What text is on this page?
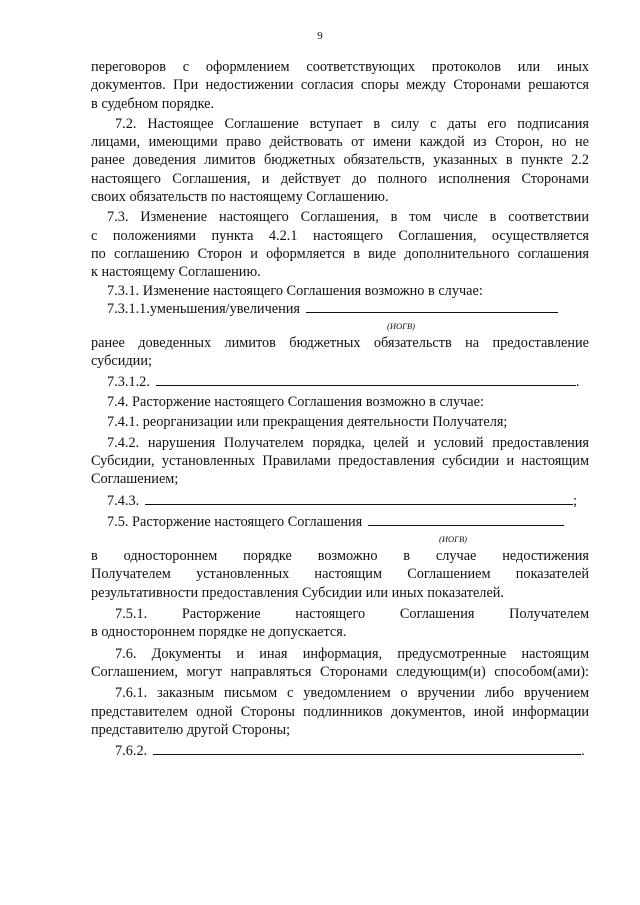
9
переговоров с оформлением соответствующих протоколов или иных
документов. При недостижении согласия споры между Сторонами решаются
в судебном порядке.
7.2. Настоящее Соглашение вступает в силу с даты его подписания
лицами, имеющими право действовать от имени каждой из Сторон, но не
ранее доведения лимитов бюджетных обязательств, указанных в пункте 2.2
настоящего Соглашения, и действует до полного исполнения Сторонами
своих обязательств по настоящему Соглашению.
7.3. Изменение настоящего Соглашения, в том числе в соответствии
с положениями пункта 4.2.1 настоящего Соглашения, осуществляется
по соглашению Сторон и оформляется в виде дополнительного соглашения
к настоящему Соглашению.
7.3.1. Изменение настоящего Соглашения возможно в случае:
7.3.1.1.уменьшения/увеличения
(ИОГВ)
ранее доведенных лимитов бюджетных обязательств на предоставление
субсидии;
7.3.1.2.	.
7.4. Расторжение настоящего Соглашения возможно в случае:
7.4.1. реорганизации или прекращения деятельности Получателя;
7.4.2. нарушения Получателем порядка, целей и условий предоставления
Субсидии, установленных Правилами предоставления субсидии и настоящим
Соглашением;
7.4.3.	;
7.5. Расторжение настоящего Соглашения
(ИОГВ)
в одностороннем порядке возможно в случае недостижения
Получателем установленных настоящим Соглашением показателей
результативности предоставления Субсидии или иных показателей.
7.5.1. Расторжение настоящего Соглашения Получателем
в одностороннем порядке не допускается.
7.6. Документы и иная информация, предусмотренные настоящим
Соглашением, могут направляться Сторонами следующим(и) способом(ами):
7.6.1. заказным письмом с уведомлением о вручении либо вручением
представителем одной Стороны подлинников документов, иной информации
представителю другой Стороны;
7.6.2.	.
